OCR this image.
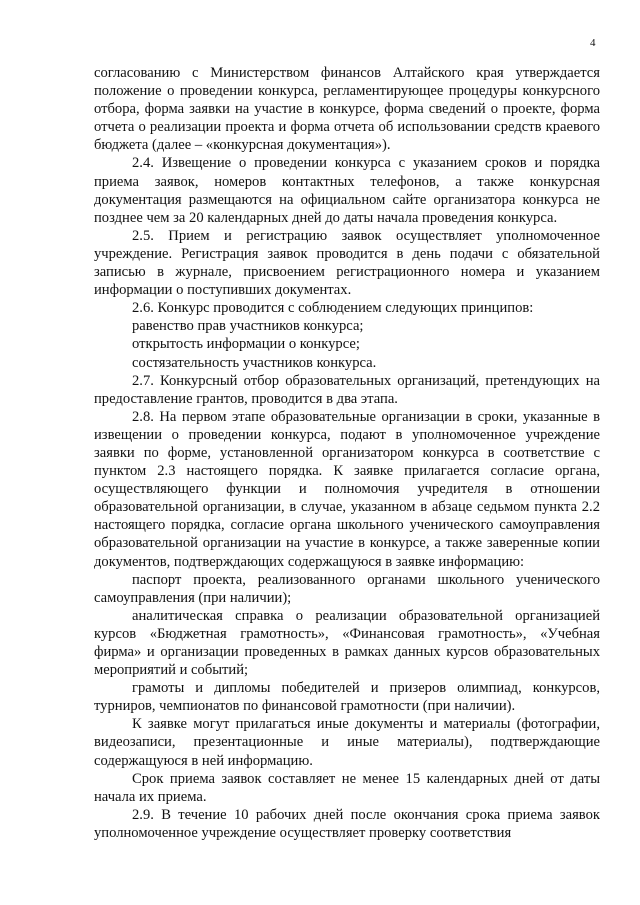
4

согласованию с Министерством финансов Алтайского края утверждается положение о проведении конкурса, регламентирующее процедуры конкурсного отбора, форма заявки на участие в конкурсе, форма сведений о проекте, форма отчета о реализации проекта и форма отчета об использовании средств краевого бюджета (далее – «конкурсная документация»).

2.4. Извещение о проведении конкурса с указанием сроков и порядка приема заявок, номеров контактных телефонов, а также конкурсная документация размещаются на официальном сайте организатора конкурса не позднее чем за 20 календарных дней до даты начала проведения конкурса.

2.5. Прием и регистрацию заявок осуществляет уполномоченное учреждение. Регистрация заявок проводится в день подачи с обязательной записью в журнале, присвоением регистрационного номера и указанием информации о поступивших документах.

2.6. Конкурс проводится с соблюдением следующих принципов:

равенство прав участников конкурса;

открытость информации о конкурсе;

состязательность участников конкурса.

2.7. Конкурсный отбор образовательных организаций, претендующих на предоставление грантов, проводится в два этапа.

2.8. На первом этапе образовательные организации в сроки, указанные в извещении о проведении конкурса, подают в уполномоченное учреждение заявки по форме, установленной организатором конкурса в соответствие с пунктом 2.3 настоящего порядка. К заявке прилагается согласие органа, осуществляющего функции и полномочия учредителя в отношении образовательной организации, в случае, указанном в абзаце седьмом пункта 2.2 настоящего порядка, согласие органа школьного ученического самоуправления образовательной организации на участие в конкурсе, а также заверенные копии документов, подтверждающих содержащуюся в заявке информацию:

паспорт проекта, реализованного органами школьного ученического самоуправления (при наличии);

аналитическая справка о реализации образовательной организацией курсов «Бюджетная грамотность», «Финансовая грамотность», «Учебная фирма» и организации проведенных в рамках данных курсов образовательных мероприятий и событий;

грамоты и дипломы победителей и призеров олимпиад, конкурсов, турниров, чемпионатов по финансовой грамотности (при наличии).

К заявке могут прилагаться иные документы и материалы (фотографии, видеозаписи, презентационные и иные материалы), подтверждающие содержащуюся в ней информацию.

Срок приема заявок составляет не менее 15 календарных дней от даты начала их приема.

2.9. В течение 10 рабочих дней после окончания срока приема заявок уполномоченное учреждение осуществляет проверку соответствия
